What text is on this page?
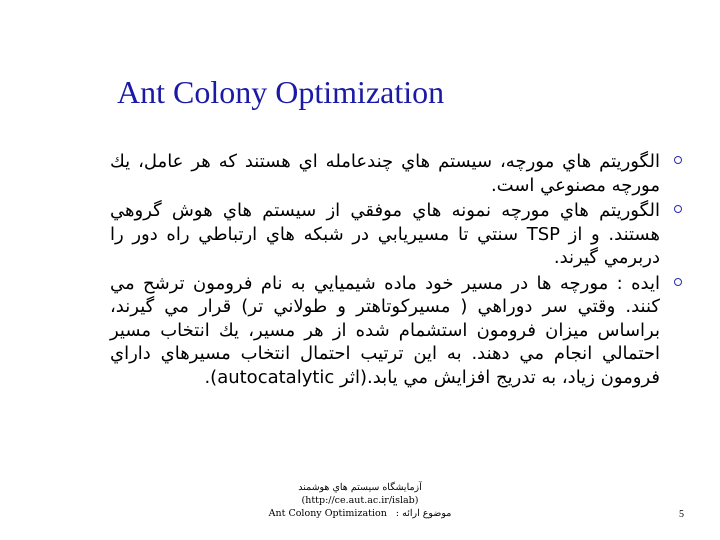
Ant Colony Optimization
الگوريتم هاي مورچه، سيستم هاي چندعامله اي هستند که هر عامل، يك مورچه مصنوعي است.
الگوريتم هاي مورچه نمونه هاي موفقي از سيستم هاي هوش گروهي هستند. و از TSP سنتي تا مسيريابي در شبکه هاي ارتباطي راه دور را دربرمي گيرند.
ايده : مورچه ها در مسير خود ماده شيميايي به نام فرومون ترشح مي کنند. وقتي سر دوراهي ( مسيرکوتاهتر و طولاني تر) قرار مي گيرند، براساس ميزان فرومون استشمام شده از هر مسير، يك انتخاب مسير احتمالي انجام مي دهند. به اين ترتيب احتمال انتخاب مسيرهاي داراي فرومون زياد، به تدريج افزايش مي يابد.(اثر autocatalytic).
آزمايشگاه سيستم هاي هوشمند
(http://ce.aut.ac.ir/islab)
Ant Colony Optimization موضوع ارائه :	5
